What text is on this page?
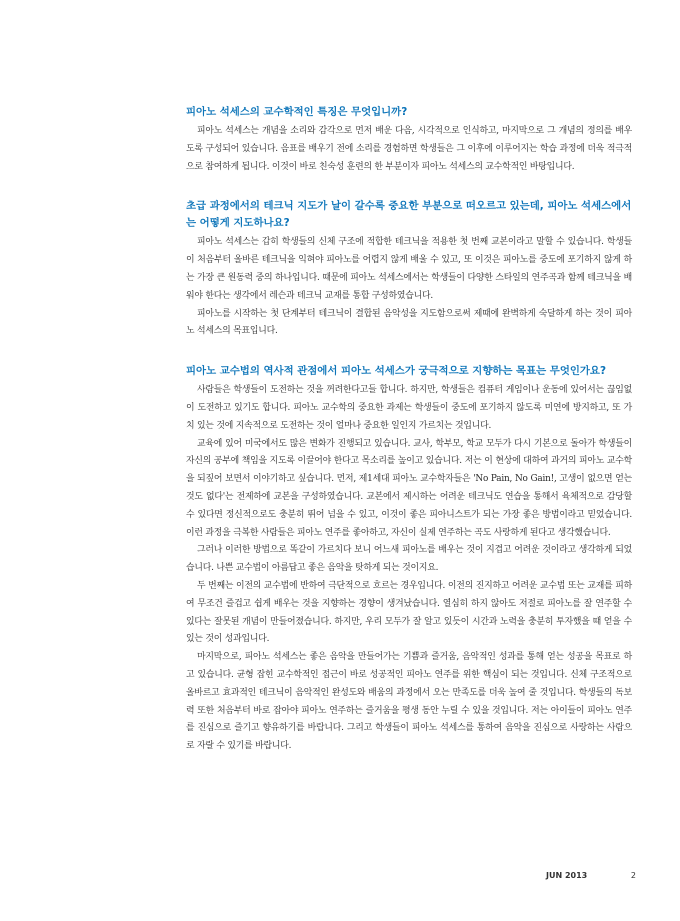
피아노 석세스의 교수학적인 특징은 무엇입니까?

피아노 석세스는 개념을 소리와 감각으로 먼저 배운 다음, 시각적으로 인식하고, 마지막으로 그 개념의 정의를 배우도록 구성되어 있습니다. 음표를 배우기 전에 소리를 경험하면 학생들은 그 이후에 이루어지는 학습 과정에 더욱 적극적으로 참여하게 됩니다. 이것이 바로 친숙성 훈련의 한 부분이자 피아노 석세스의 교수학적인 바탕입니다.

초급 과정에서의 테크닉 지도가 날이 갈수록 중요한 부분으로 떠오르고 있는데, 피아노 석세스에서는 어떻게 지도하나요?

피아노 석세스는 갑히 학생들의 신체 구조에 적합한 테크닉을 적용한 첫 번째 교본이라고 말할 수 있습니다. 학생들이 처음부터 올바른 테크닉을 익혀야 피아노를 어렵지 않게 배울 수 있고, 또 이것은 피아노를 중도에 포기하지 않게 하는 가장 큰 원동력 중의 하나입니다. 때문에 피아노 석세스에서는 학생들이 다양한 스타일의 연주곡과 함께 테크닉을 배워야 한다는 생각에서 레슨과 테크닉 교재를 통합 구성하였습니다.

피아노를 시작하는 첫 단계부터 테크닉이 결합된 음악성을 지도함으로써 제때에 완벽하게 숙달하게 하는 것이 피아노 석세스의 목표입니다.

피아노 교수법의 역사적 관점에서 피아노 석세스가 궁극적으로 지향하는 목표는 무엇인가요?

사람들은 학생들이 도전하는 것을 꺼려한다고들 합니다. 하지만, 학생들은 컴퓨터 게임이나 운동에 있어서는 끊임없이 도전하고 있기도 합니다. 피아노 교수학의 중요한 과제는 학생들이 중도에 포기하지 않도록 미연에 방지하고, 또 가치 있는 것에 지속적으로 도전하는 것이 얼마나 중요한 일인지 가르치는 것입니다.

교육에 있어 미국에서도 많은 변화가 진행되고 있습니다. 교사, 학부모, 학교 모두가 다시 기본으로 돌아가 학생들이 자신의 공부에 책임을 지도록 이끌어야 한다고 목소리를 높이고 있습니다. 저는 이 현상에 대하여 과거의 피아노 교수학을 되짚어 보면서 이야기하고 싶습니다. 먼저, 제1세대 피아노 교수학자들은 'No Pain, No Gain!, 고생이 없으면 얻는 것도 없다'는 전제하에 교본을 구성하였습니다. 교본에서 제시하는 어려운 테크닉도 연습을 통해서 육체적으로 감당할 수 있다면 정신적으로도 충분히 뛰어 넘을 수 있고, 이것이 좋은 피아니스트가 되는 가장 좋은 방법이라고 믿었습니다. 이런 과정을 극복한 사람들은 피아노 연주를 좋아하고, 자신이 실제 연주하는 곡도 사랑하게 된다고 생각했습니다.

그러나 이러한 방법으로 똑같이 가르치다 보니 어느새 피아노를 배우는 것이 지겹고 어려운 것이라고 생각하게 되었습니다. 나쁜 교수법이 아름답고 좋은 음악을 탓하게 되는 것이지요.

두 번째는 이전의 교수법에 반하여 극단적으로 흐르는 경우입니다. 이전의 진지하고 어려운 교수법 또는 교재를 피하여 무조건 즐겁고 쉽게 배우는 것을 지향하는 경향이 생겨났습니다. 열심히 하지 않아도 저절로 피아노를 잘 연주할 수 있다는 잘못된 개념이 만들어졌습니다. 하지만, 우리 모두가 잘 알고 있듯이 시간과 노력을 충분히 투자했을 때 얻을 수 있는 것이 성과입니다.

마지막으로, 피아노 석세스는 좋은 음악을 만들어가는 기쁨과 즐거움, 음악적인 성과를 통해 얻는 성공을 목표로 하고 있습니다. 균형 잡힌 교수학적인 접근이 바로 성공적인 피아노 연주를 위한 핵심이 되는 것입니다. 신체 구조적으로 올바르고 효과적인 테크닉이 음악적인 완성도와 배움의 과정에서 오는 만족도를 더욱 높여 줄 것입니다. 학생들의 독보력 또한 처음부터 바로 잡아야 피아노 연주하는 즐거움을 평생 동안 누릴 수 있을 것입니다. 저는 아이들이 피아노 연주를 진심으로 즐기고 향유하기를 바랍니다. 그리고 학생들이 피아노 석세스를 통하여 음악을 진심으로 사랑하는 사람으로 자랄 수 있기를 바랍니다.

JUN 2013	2
